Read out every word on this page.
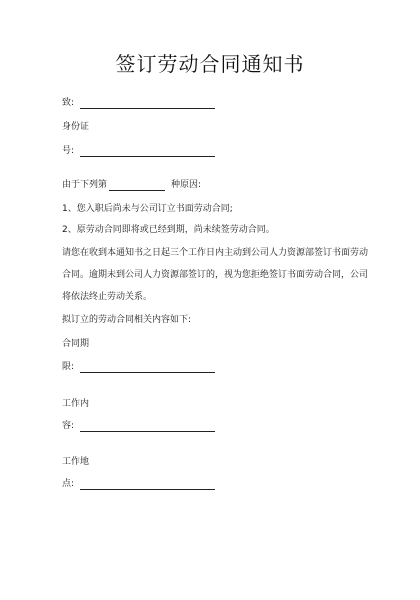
签订劳动合同通知书
致:
身份证
号:
由于下列第	种原因:
1、您入职后尚未与公司订立书面劳动合同;
2、原劳动合同即将或已经到期，尚未续签劳动合同。
请您在收到本通知书之日起三个工作日内主动到公司人力资源部签订书面劳动
合同。逾期未到公司人力资源部签订的，视为您拒绝签订书面劳动合同，公司
将依法终止劳动关系。
拟订立的劳动合同相关内容如下:
合同期
限:
工作内
容:
工作地
点:
